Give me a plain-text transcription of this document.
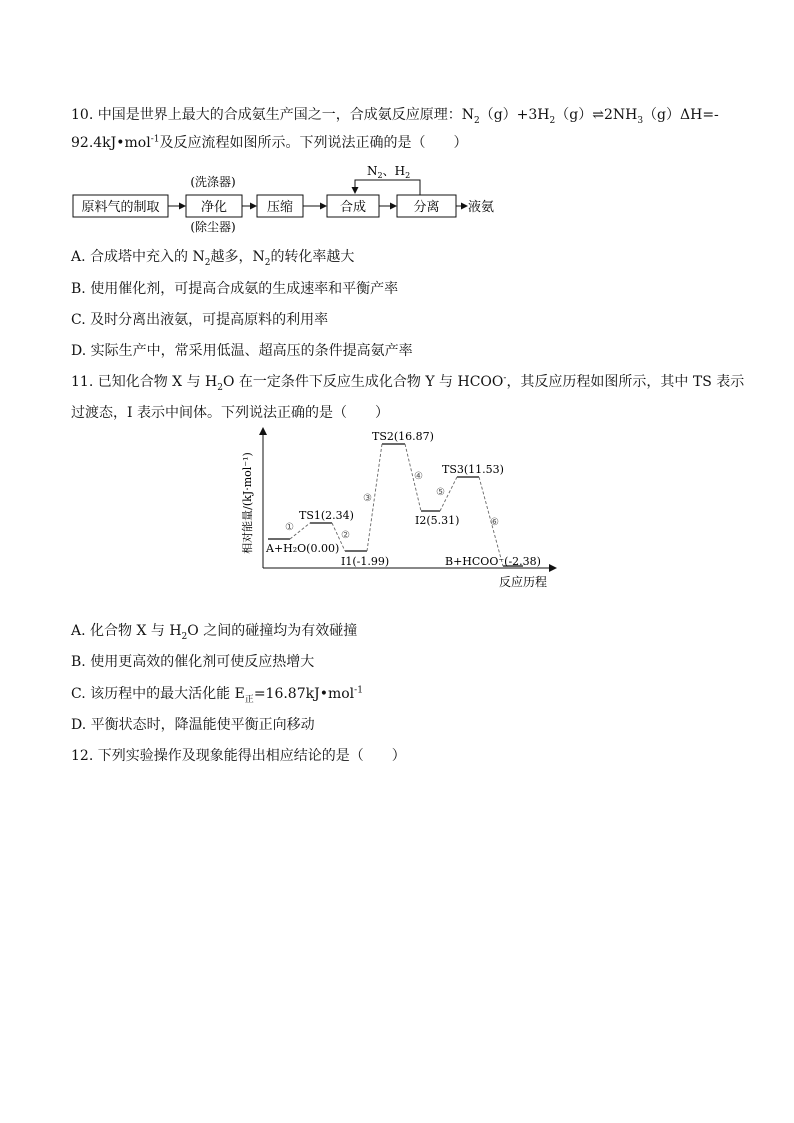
10. 中国是世界上最大的合成氨生产国之一，合成氨反应原理：$N_2(g)+3H_2(g)\rightleftharpoons 2NH_3(g)\Delta H=-$
92.4kJ•mol$^{-1}$及反应流程如图所示。下列说法正确的是（　　）
原料气的制取
(洗涤器)
净化
(除尘器)
压缩	合成	分离 液氨
$N_2$、$H_2$
A. 合成塔中充入的 $N_2$越多，$N_2$的转化率越大
B. 使用催化剂，可提高合成氨的生成速率和平衡产率
C. 及时分离出液氨，可提高原料的利用率
D. 实际生产中，常采用低温、超高压的条件提高氨产率
11. 已知化合物 X 与 $H_2O$ 在一定条件下反应生成化合物 Y 与 HCOO-，其反应历程如图所示，其中 TS 表示
过渡态，I 表示中间体。下列说法正确的是（　　）
相对能量/(kJ·mol⁻¹)
反应历程
TS1(2.34)
TS2(16.87)
TS3(11.53)
I1(-1.99)
I2(5.31)
A+H₂O(0.00)
B+HCOO⁻(-2.38)
①
②
③
④
⑤
⑥
A. 化合物 X 与 $H_2O$ 之间的碰撞均为有效碰撞
B. 使用更高效的催化剂可使反应热增大
C. 该历程中的最大活化能 $E_正=16.87kJ•mol^{-1}$
D. 平衡状态时，降温能使平衡正向移动
12. 下列实验操作及现象能得出相应结论的是（　　）
